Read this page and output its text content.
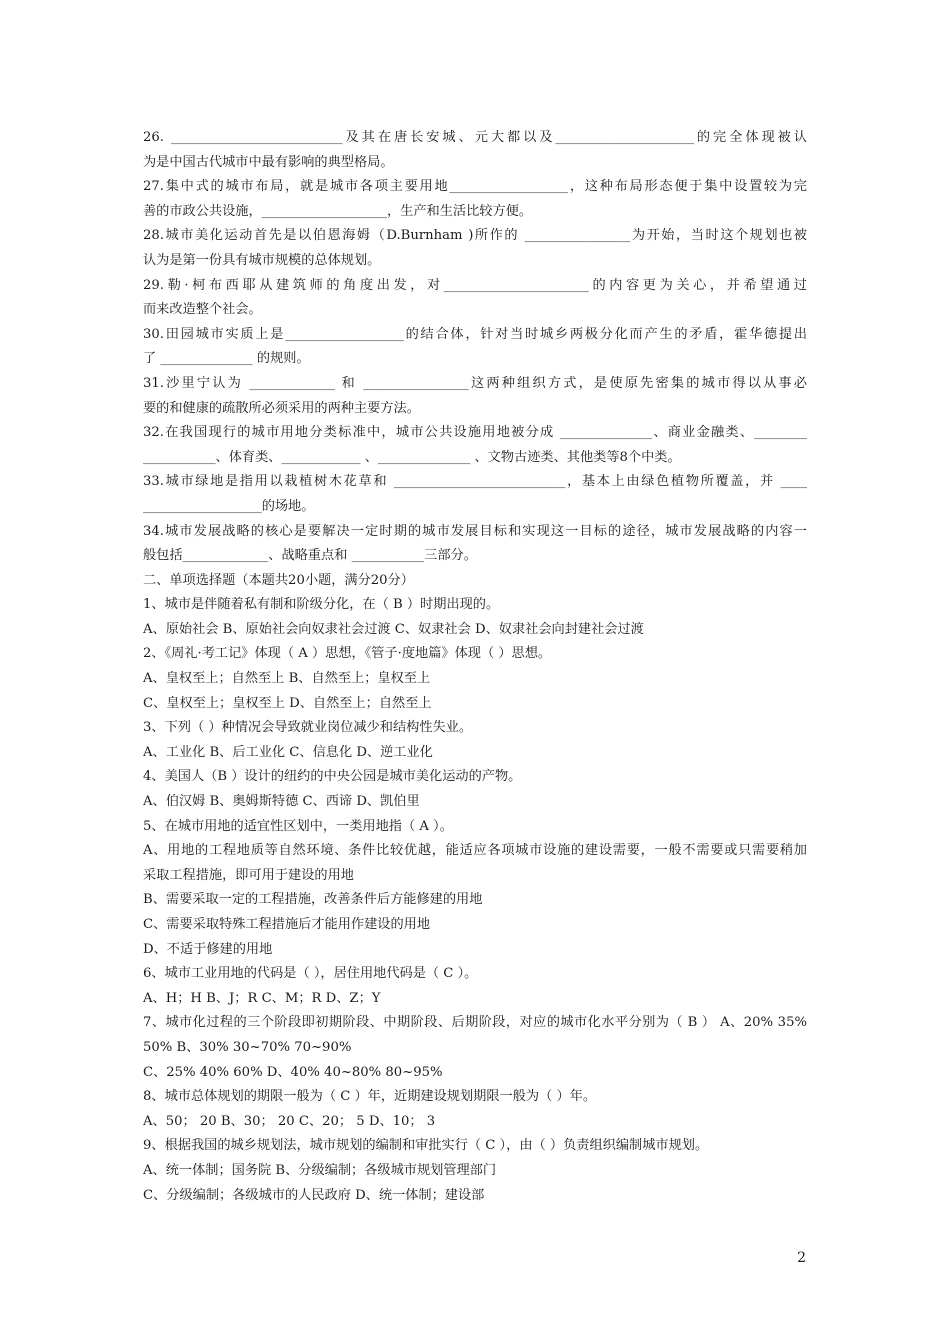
26. __________________________及其在唐长安城、元大都以及_____________________的完全体现被认
为是中国古代城市中最有影响的典型格局。
27.集中式的城市布局，就是城市各项主要用地__________________，这种布局形态便于集中设置较为完
善的市政公共设施，___________________，生产和生活比较方便。
28.城市美化运动首先是以伯恩海姆（D.Burnham )所作的 ________________为开始，当时这个规划也被
认为是第一份具有城市规模的总体规划。
29.勒·柯布西耶从建筑师的角度出发，对______________________的内容更为关心，并希望通过
而来改造整个社会。
30.田园城市实质上是__________________的结合体，针对当时城乡两极分化而产生的矛盾，霍华德提出
了 ______________ 的规则。
31.沙里宁认为 _____________ 和 ________________这两种组织方式，是使原先密集的城市得以从事必
要的和健康的疏散所必须采用的两种主要方法。
32.在我国现行的城市用地分类标准中，城市公共设施用地被分成 ______________、商业金融类、________
___________、体育类、____________ 、______________ 、文物古迹类、其他类等8个中类。
33.城市绿地是指用以栽植树木花草和 __________________________，基本上由绿色植物所覆盖，并 ____
__________________的场地。
34.城市发展战略的核心是要解决一定时期的城市发展目标和实现这一目标的途径，城市发展战略的内容一
般包括_____________、战略重点和 ___________三部分。
二、单项选择题（本题共20小题，满分20分）
1、城市是伴随着私有制和阶级分化，在（ B ）时期出现的。
A、原始社会 B、原始社会向奴隶社会过渡 C、奴隶社会 D、奴隶社会向封建社会过渡
2、《周礼·考工记》体现（ A ）思想，《管子·度地篇》体现（ ）思想。
A、皇权至上；自然至上 B、自然至上；皇权至上
C、皇权至上；皇权至上 D、自然至上；自然至上
3、下列（ ）种情况会导致就业岗位减少和结构性失业。
A、工业化 B、后工业化 C、信息化 D、逆工业化
4、美国人（B ）设计的纽约的中央公园是城市美化运动的产物。
A、伯汉姆 B、奥姆斯特德 C、西谛 D、凯伯里
5、在城市用地的适宜性区划中，一类用地指（ A ）。
A、用地的工程地质等自然环境、条件比较优越，能适应各项城市设施的建设需要，一般不需要或只需要稍加
采取工程措施，即可用于建设的用地
B、需要采取一定的工程措施，改善条件后方能修建的用地
C、需要采取特殊工程措施后才能用作建设的用地
D、不适于修建的用地
6、城市工业用地的代码是（ ），居住用地代码是（ C ）。
A、H；H B、J；R C、M；R D、Z；Y
7、城市化过程的三个阶段即初期阶段、中期阶段、后期阶段，对应的城市化水平分别为（ B ） A、20% 35%
50% B、30% 30~70% 70~90%
C、25% 40% 60% D、40% 40~80% 80~95%
8、城市总体规划的期限一般为（ C ）年，近期建设规划期限一般为（ ）年。
A、50； 20 B、30； 20 C、20； 5 D、10； 3
9、根据我国的城乡规划法，城市规划的编制和审批实行（ C ），由（ ）负责组织编制城市规划。
A、统一体制；国务院 B、分级编制；各级城市规划管理部门
C、分级编制；各级城市的人民政府 D、统一体制；建设部
2
